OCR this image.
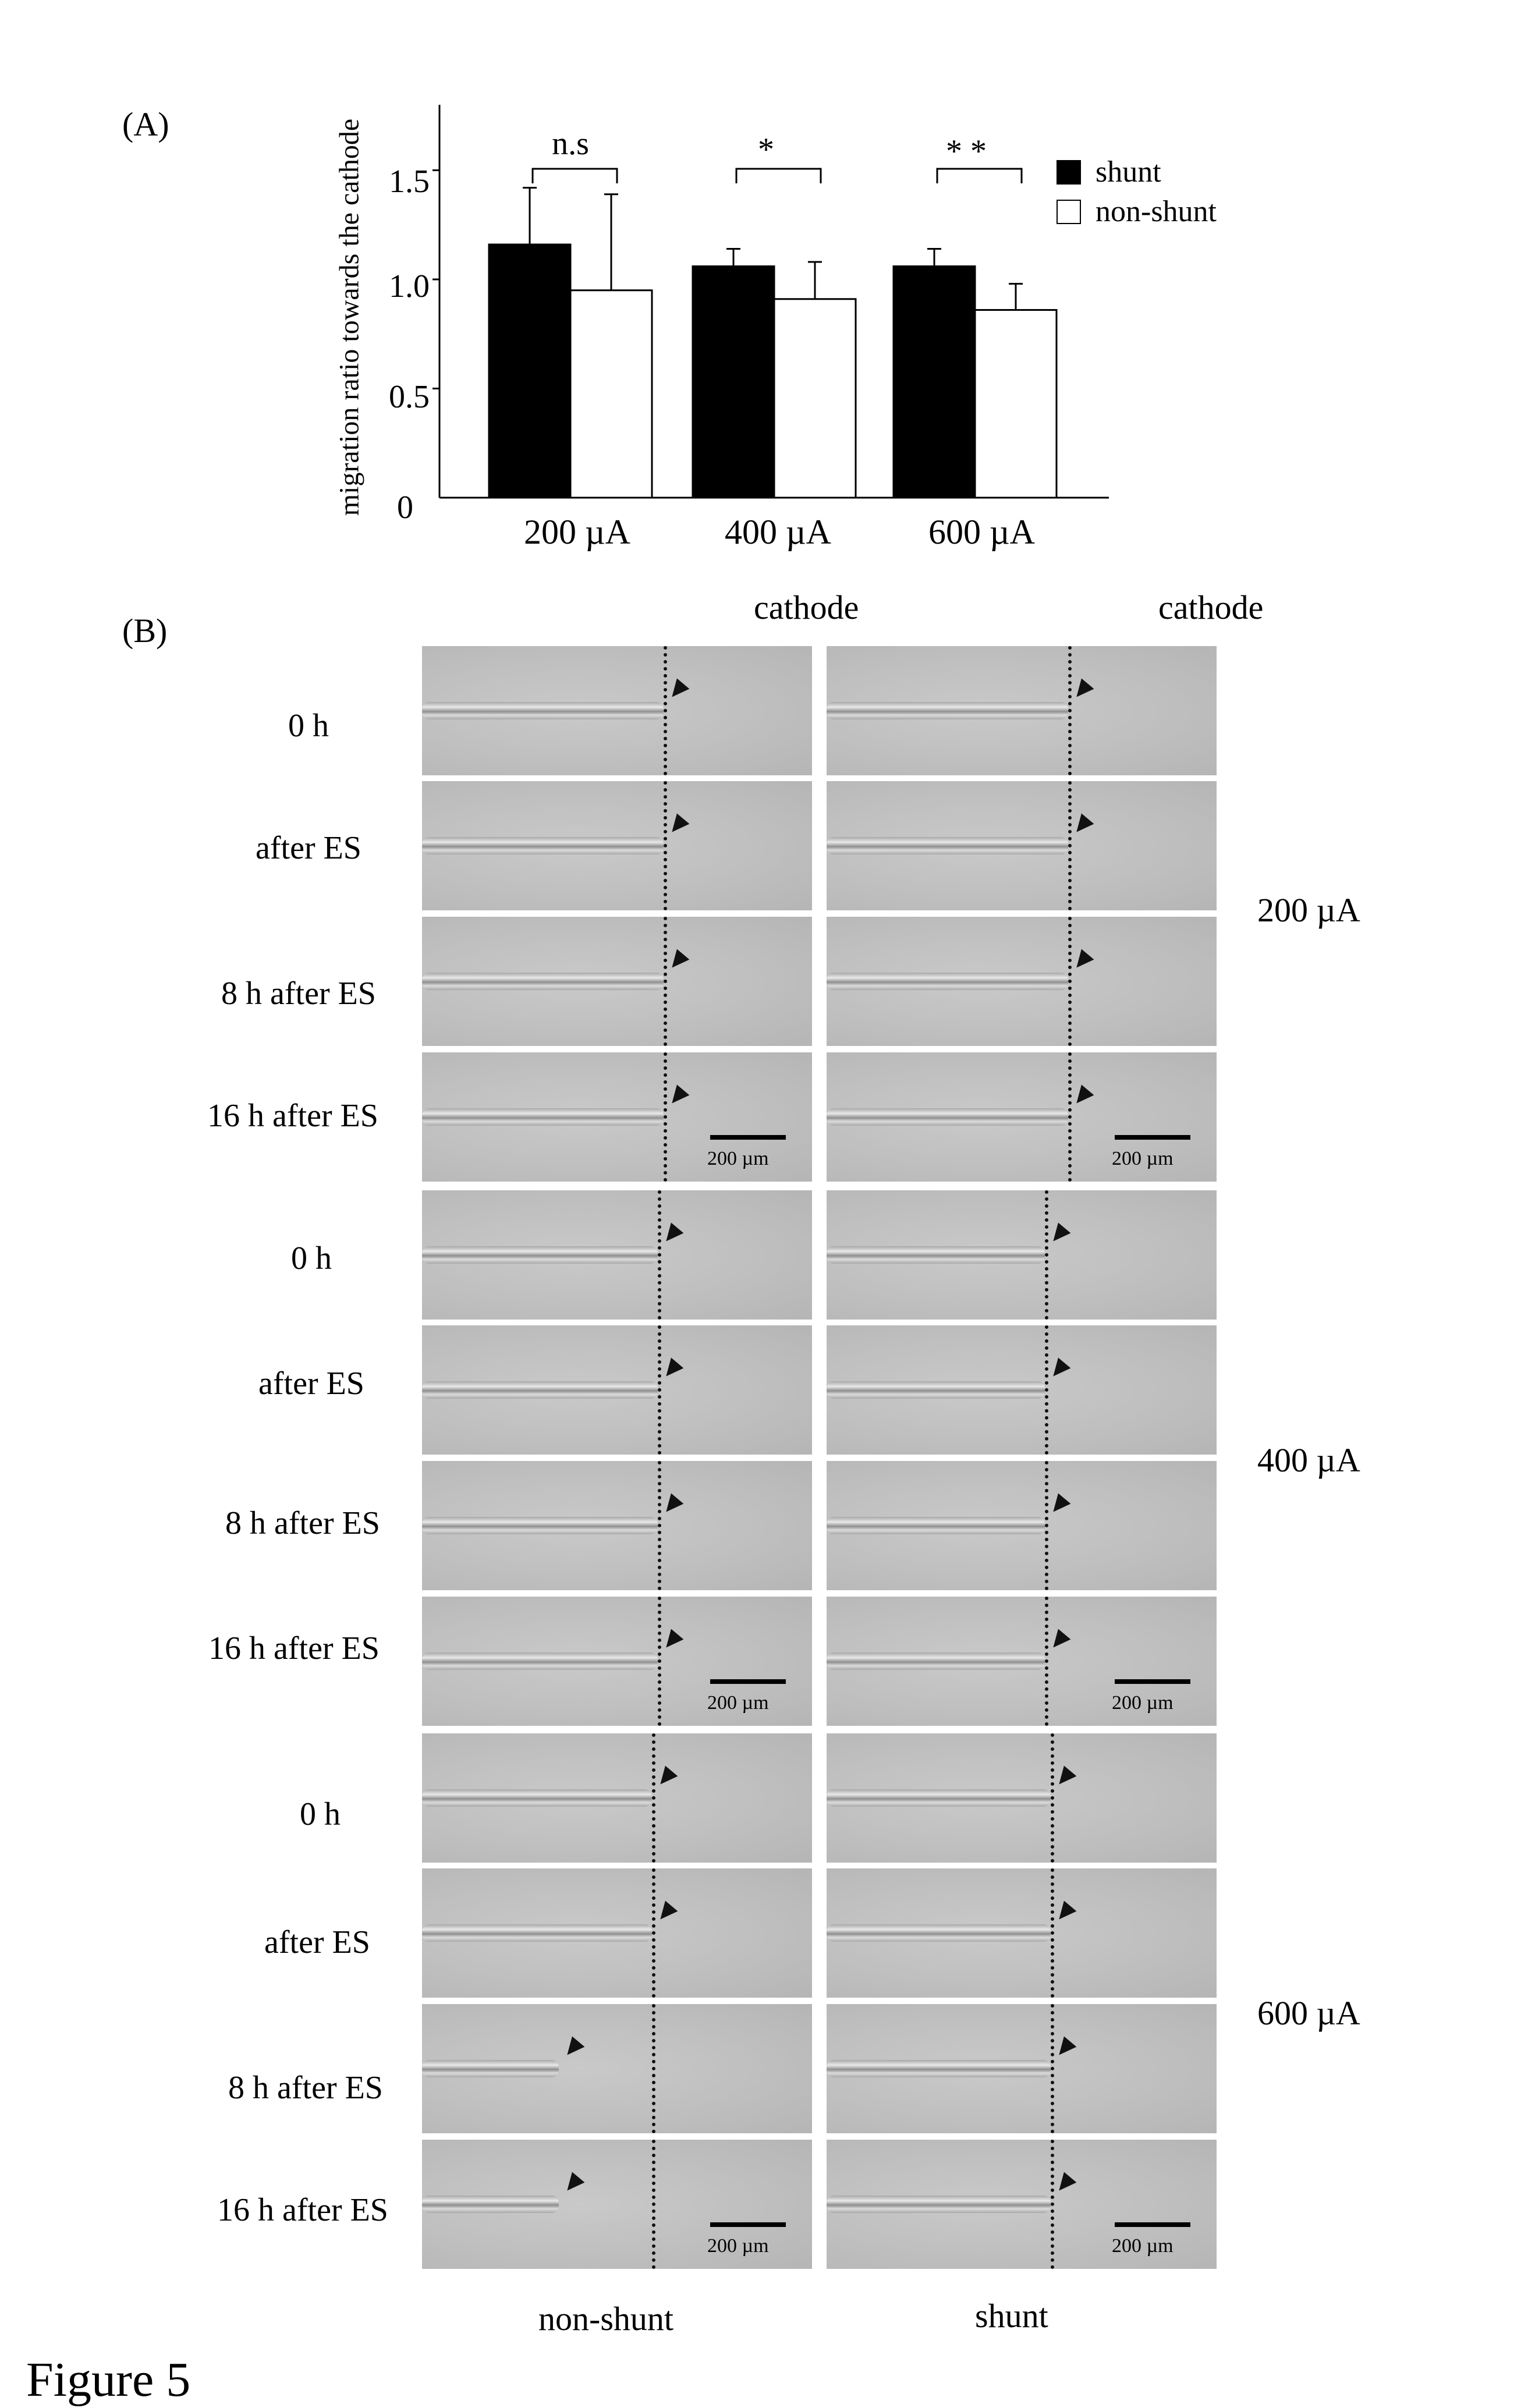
(A)	migration ratio towards the cathode 0
0.5
1.0
1.5
200 µA	400 µA	600 µA
n.s	*	* *
shunt
non-shunt
(B)
cathode	cathode
200 µm	200 µm
200 µm	200 µm
200 µm	200 µm
0 h
after ES
8 h after ES
16 h after ES
0 h
after ES
8 h after ES
16 h after ES
0 h
after ES
8 h after ES
16 h after ES
200 µA
400 µA
600 µA
non-shunt	shunt
Figure 5
